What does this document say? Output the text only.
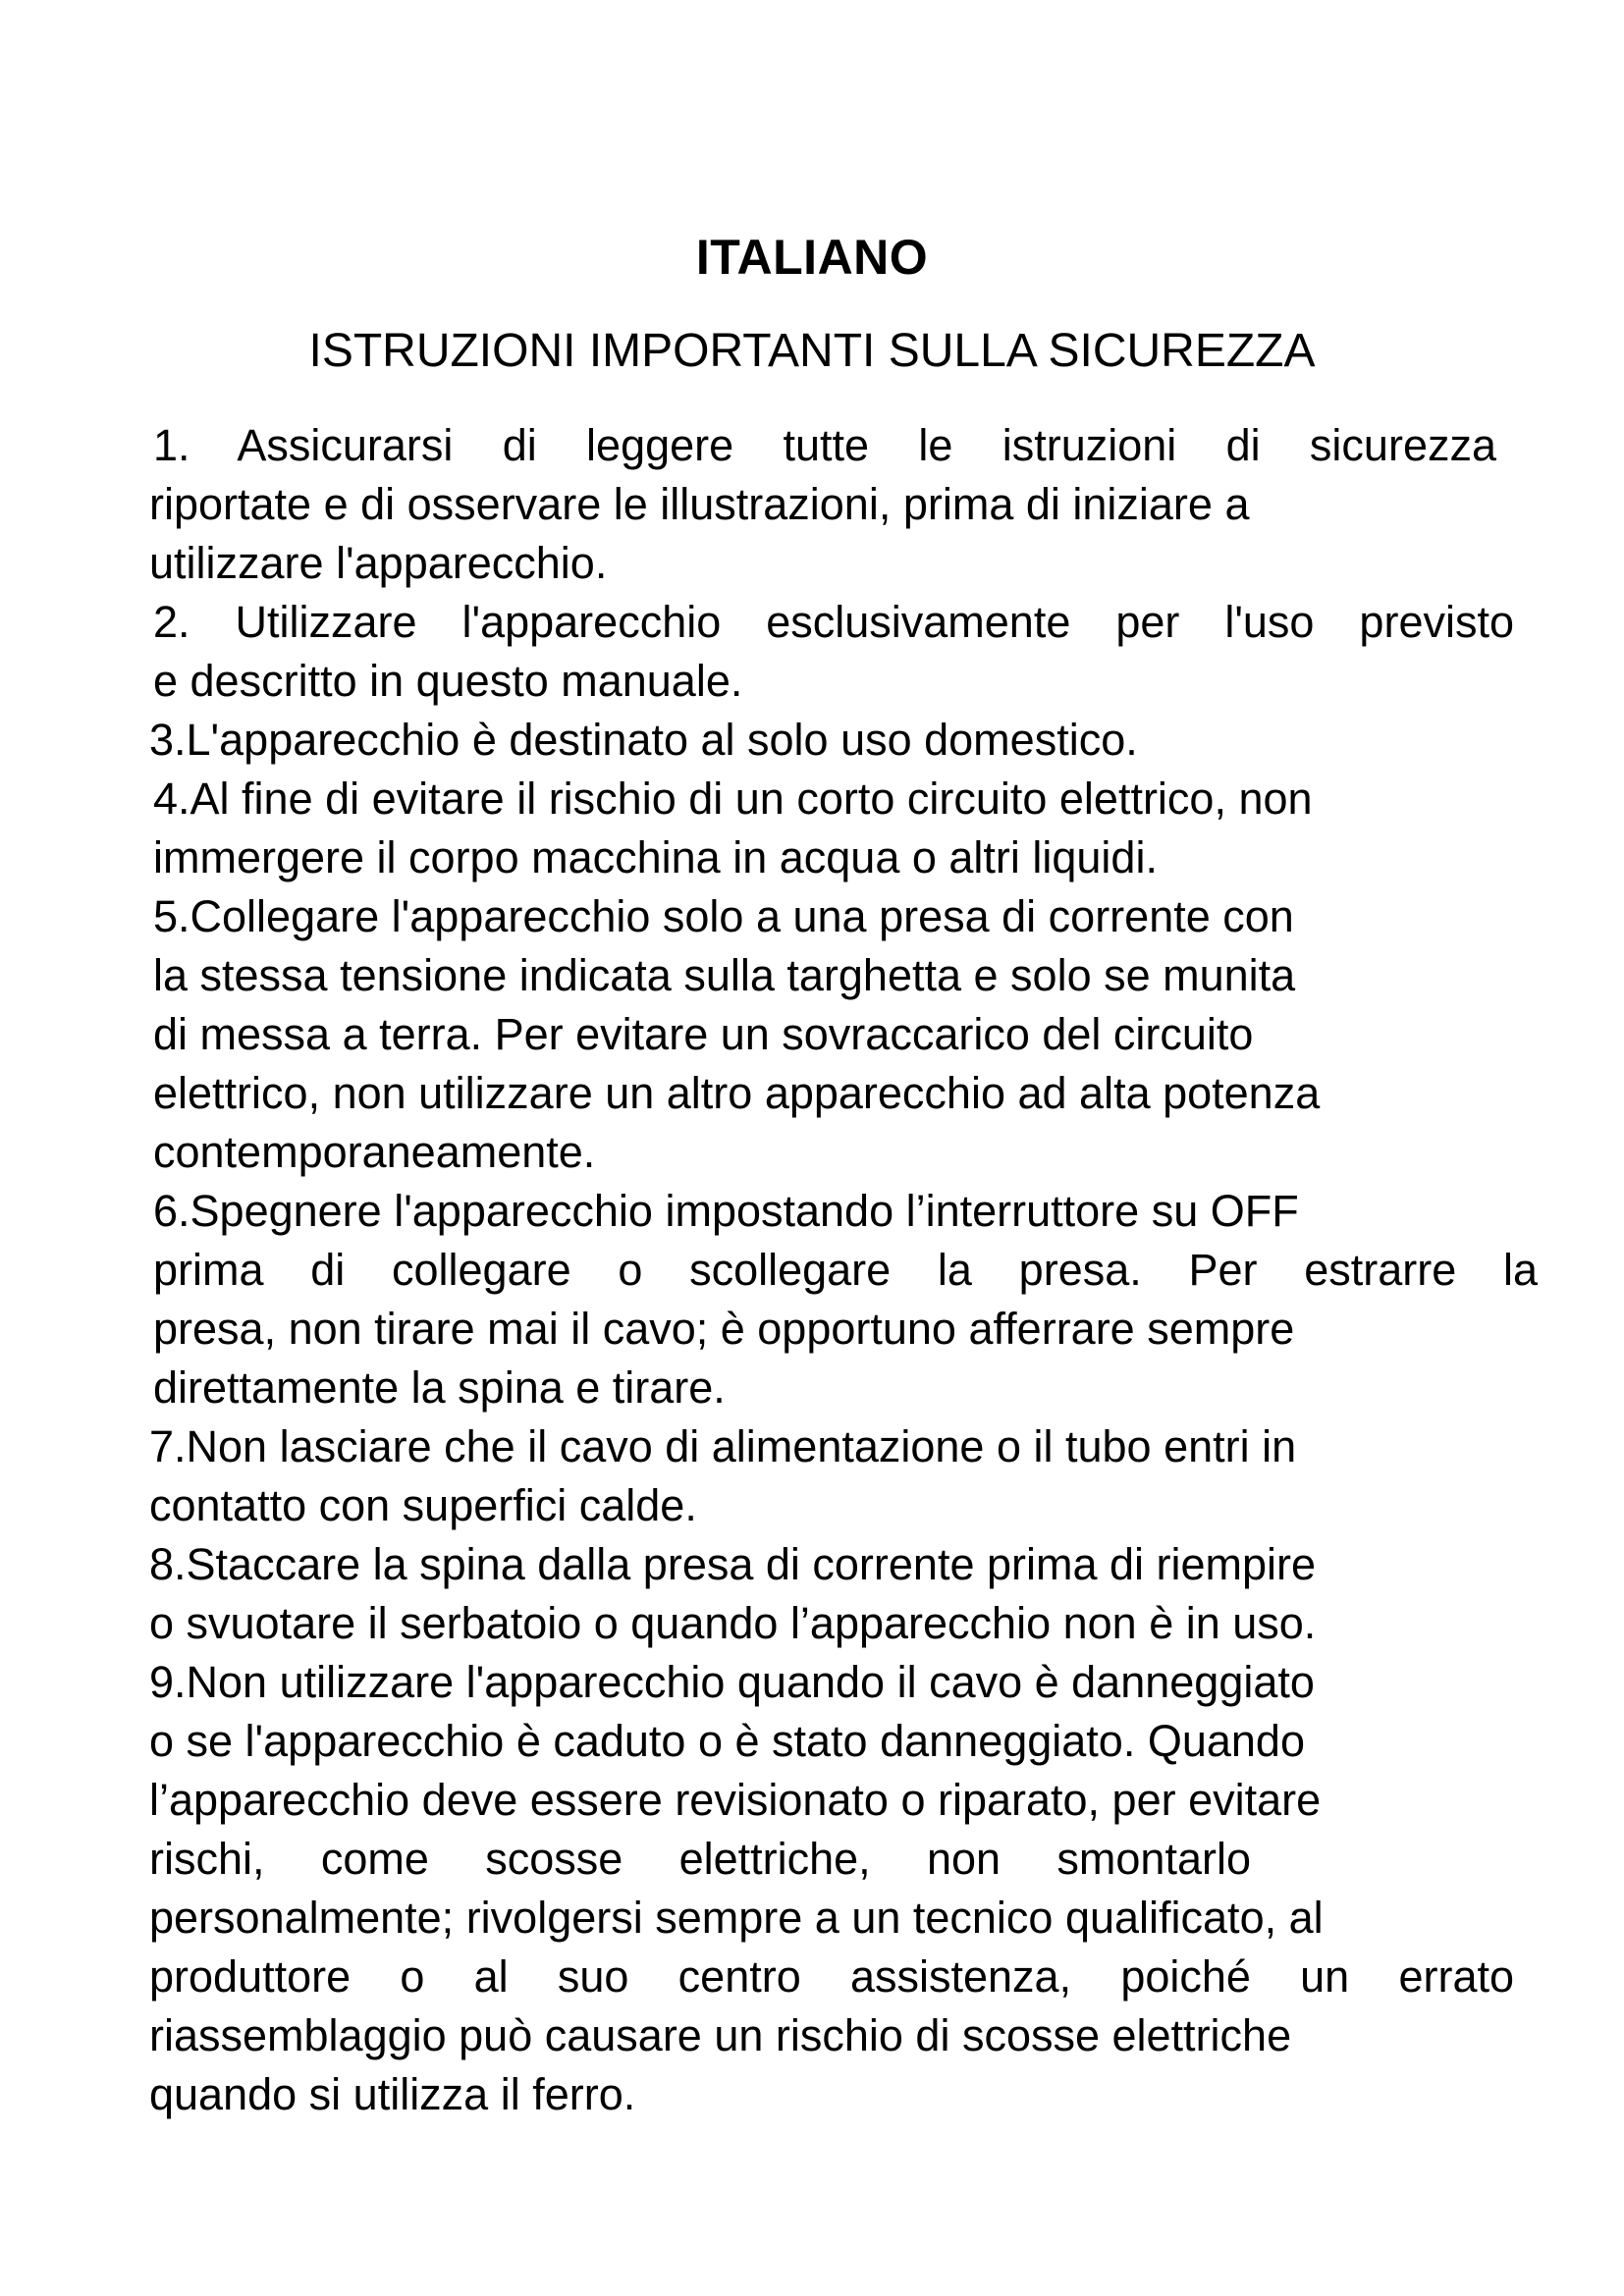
ITALIANO
ISTRUZIONI IMPORTANTI SULLA SICUREZZA
1. Assicurarsi di leggere tutte le istruzioni di sicurezza
riportate e di osservare le illustrazioni, prima di iniziare a
utilizzare l'apparecchio.
2. Utilizzare l'apparecchio esclusivamente per l'uso previsto
e descritto in questo manuale.
3.L'apparecchio è destinato al solo uso domestico.
4.Al fine di evitare il rischio di un corto circuito elettrico, non
immergere il corpo macchina in acqua o altri liquidi.
5.Collegare l'apparecchio solo a una presa di corrente con
la stessa tensione indicata sulla targhetta e solo se munita
di messa a terra. Per evitare un sovraccarico del circuito
elettrico, non utilizzare un altro apparecchio ad alta potenza
contemporaneamente.
6.Spegnere l'apparecchio impostando l’interruttore su OFF
prima di collegare o scollegare la presa. Per estrarre la
presa, non tirare mai il cavo; è opportuno afferrare sempre
direttamente la spina e tirare.
7.Non lasciare che il cavo di alimentazione o il tubo entri in
contatto con superfici calde.
8.Staccare la spina dalla presa di corrente prima di riempire
o svuotare il serbatoio o quando l’apparecchio non è in uso.
9.Non utilizzare l'apparecchio quando il cavo è danneggiato
o se l'apparecchio è caduto o è stato danneggiato. Quando
l’apparecchio deve essere revisionato o riparato, per evitare
rischi, come scosse elettriche, non smontarlo
personalmente; rivolgersi sempre a un tecnico qualificato, al
produttore o al suo centro assistenza, poiché un errato
riassemblaggio può causare un rischio di scosse elettriche
quando si utilizza il ferro.
